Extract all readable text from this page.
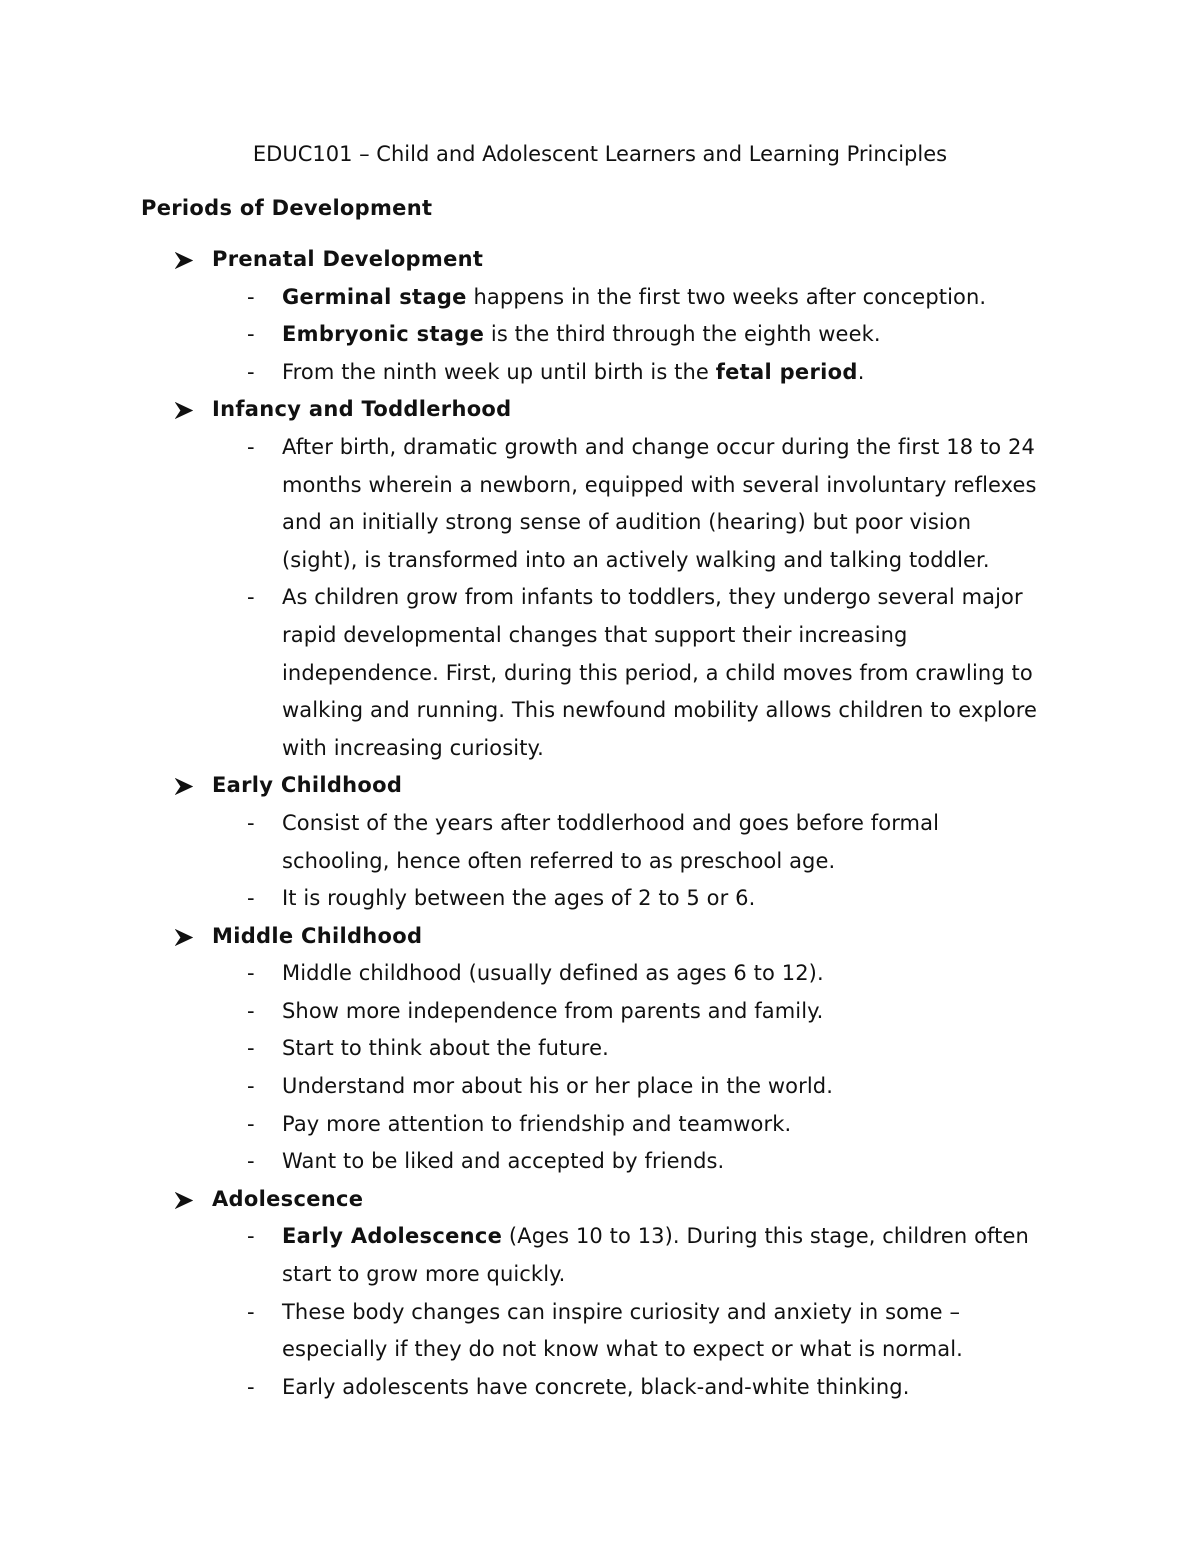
EDUC101 – Child and Adolescent Learners and Learning Principles
Periods of Development
Prenatal Development
- Germinal stage happens in the first two weeks after conception.
- Embryonic stage is the third through the eighth week.
- From the ninth week up until birth is the fetal period.
Infancy and Toddlerhood
- After birth, dramatic growth and change occur during the first 18 to 24
months wherein a newborn, equipped with several involuntary reflexes
and an initially strong sense of audition (hearing) but poor vision
(sight), is transformed into an actively walking and talking toddler.
- As children grow from infants to toddlers, they undergo several major
rapid developmental changes that support their increasing
independence. First, during this period, a child moves from crawling to
walking and running. This newfound mobility allows children to explore
with increasing curiosity.
Early Childhood
- Consist of the years after toddlerhood and goes before formal
schooling, hence often referred to as preschool age.
- It is roughly between the ages of 2 to 5 or 6.
Middle Childhood
- Middle childhood (usually defined as ages 6 to 12).
- Show more independence from parents and family.
- Start to think about the future.
- Understand mor about his or her place in the world.
- Pay more attention to friendship and teamwork.
- Want to be liked and accepted by friends.
Adolescence
- Early Adolescence (Ages 10 to 13). During this stage, children often
start to grow more quickly.
- These body changes can inspire curiosity and anxiety in some –
especially if they do not know what to expect or what is normal.
- Early adolescents have concrete, black-and-white thinking.
